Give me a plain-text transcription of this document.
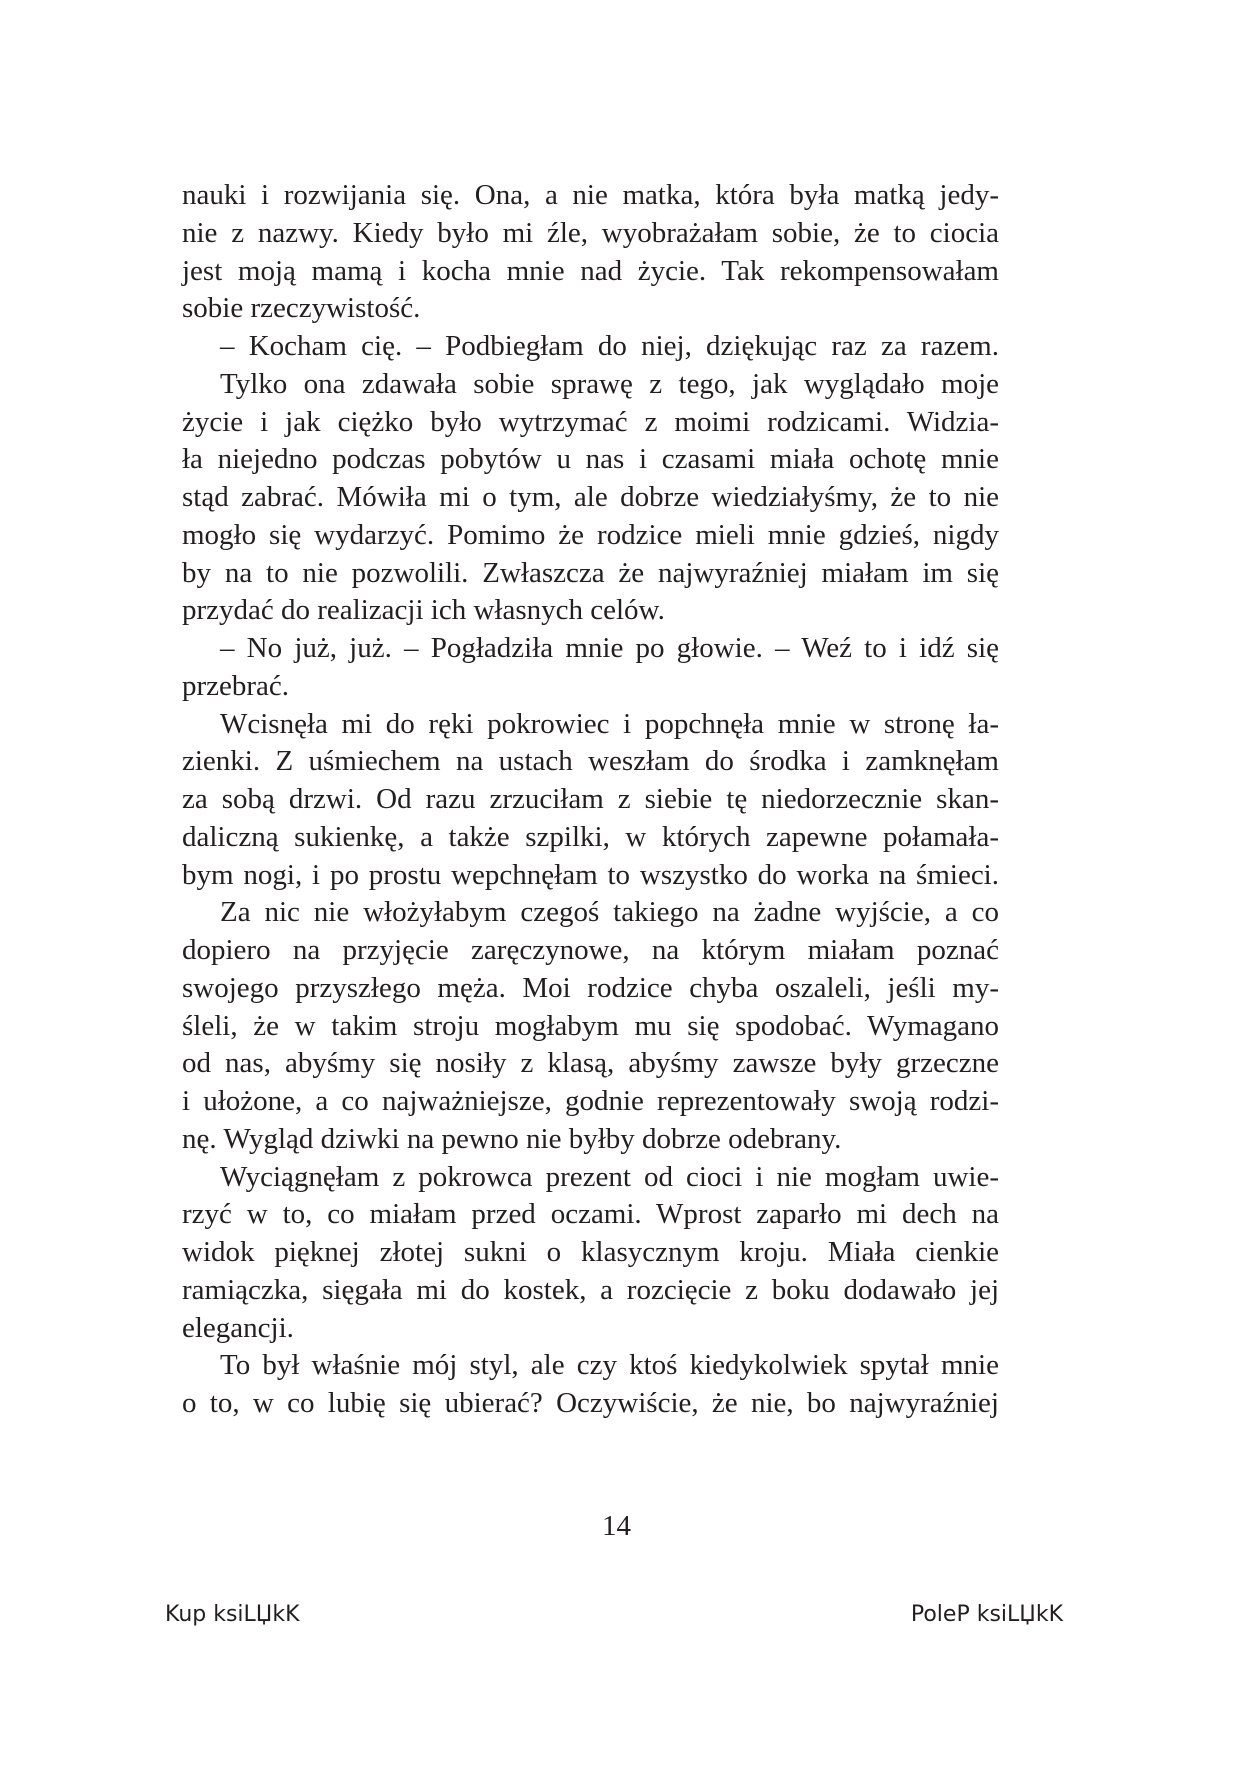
nauki i rozwijania się. Ona, a nie matka, która była matką jedy-
nie z nazwy. Kiedy było mi źle, wyobrażałam sobie, że to ciocia
jest moją mamą i kocha mnie nad życie. Tak rekompensowałam
sobie rzeczywistość.
– Kocham cię. – Podbiegłam do niej, dziękując raz za razem.
Tylko ona zdawała sobie sprawę z tego, jak wyglądało moje
życie i jak ciężko było wytrzymać z moimi rodzicami. Widzia-
ła niejedno podczas pobytów u nas i czasami miała ochotę mnie
stąd zabrać. Mówiła mi o tym, ale dobrze wiedziałyśmy, że to nie
mogło się wydarzyć. Pomimo że rodzice mieli mnie gdzieś, nigdy
by na to nie pozwolili. Zwłaszcza że najwyraźniej miałam im się
przydać do realizacji ich własnych celów.
– No już, już. – Pogładziła mnie po głowie. – Weź to i idź się
przebrać.
Wcisnęła mi do ręki pokrowiec i popchnęła mnie w stronę ła-
zienki. Z uśmiechem na ustach weszłam do środka i zamknęłam
za sobą drzwi. Od razu zrzuciłam z siebie tę niedorzecznie skan-
daliczną sukienkę, a także szpilki, w których zapewne połamała-
bym nogi, i po prostu wepchnęłam to wszystko do worka na śmieci.
Za nic nie włożyłabym czegoś takiego na żadne wyjście, a co
dopiero na przyjęcie zaręczynowe, na którym miałam poznać
swojego przyszłego męża. Moi rodzice chyba oszaleli, jeśli my-
śleli, że w takim stroju mogłabym mu się spodobać. Wymagano
od nas, abyśmy się nosiły z klasą, abyśmy zawsze były grzeczne
i ułożone, a co najważniejsze, godnie reprezentowały swoją rodzi-
nę. Wygląd dziwki na pewno nie byłby dobrze odebrany.
Wyciągnęłam z pokrowca prezent od cioci i nie mogłam uwie-
rzyć w to, co miałam przed oczami. Wprost zaparło mi dech na
widok pięknej złotej sukni o klasycznym kroju. Miała cienkie
ramiączka, sięgała mi do kostek, a rozcięcie z boku dodawało jej
elegancji.
To był właśnie mój styl, ale czy ktoś kiedykolwiek spytał mnie
o to, w co lubię się ubierać? Oczywiście, że nie, bo najwyraźniej
14
Kup ksiLЏkK	PoleP ksiLЏkK
